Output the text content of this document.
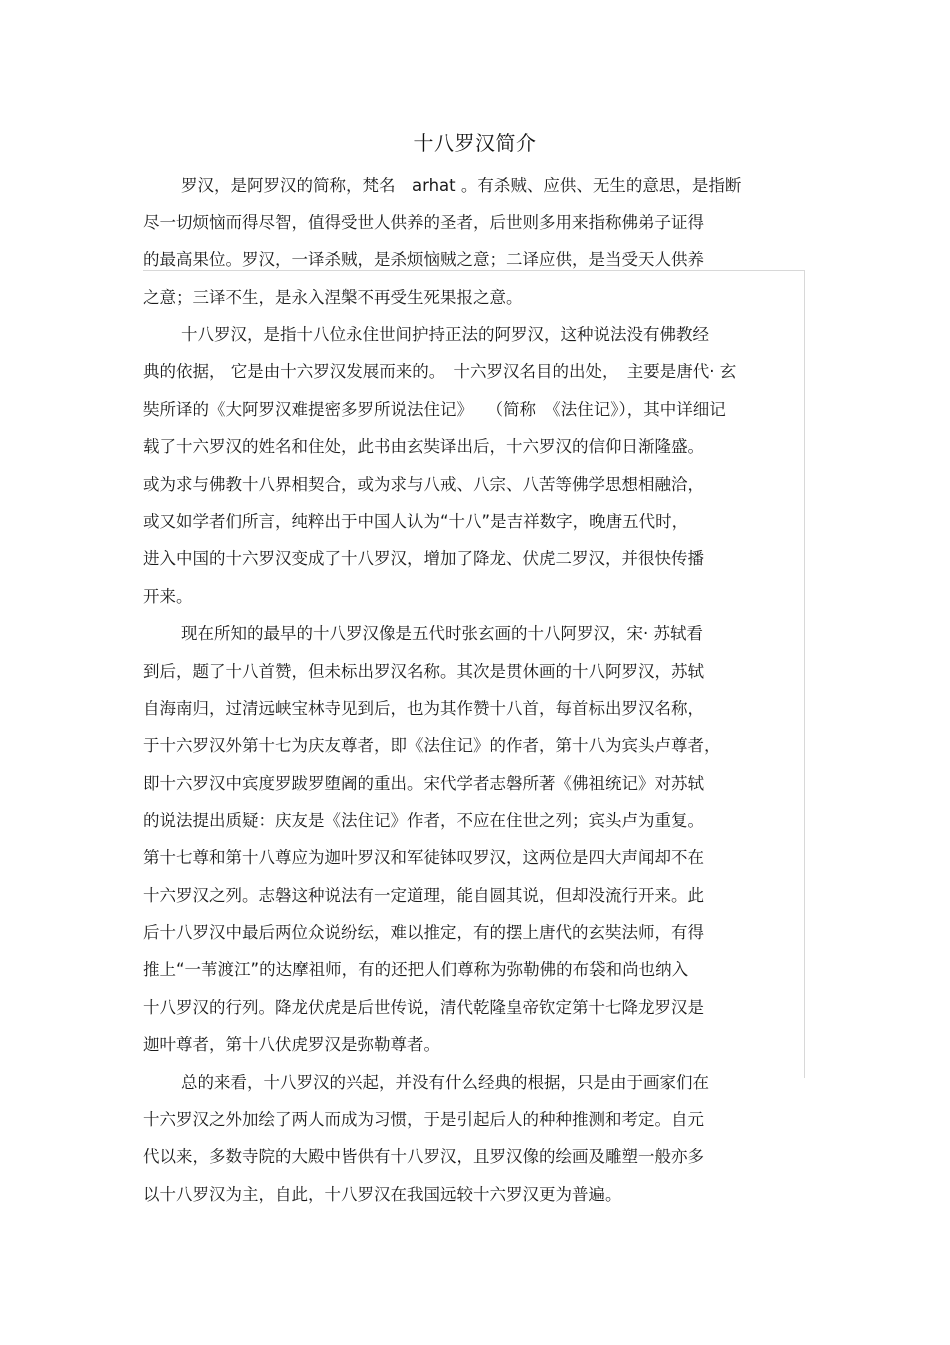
十八罗汉简介
罗汉，是阿罗汉的简称，梵名　arhat 。有杀贼、应供、无生的意思，是指断
尽一切烦恼而得尽智，值得受世人供养的圣者，后世则多用来指称佛弟子证得
的最高果位。罗汉，一译杀贼，是杀烦恼贼之意；二译应供，是当受天人供养
之意；三译不生，是永入涅槃不再受生死果报之意。
十八罗汉，是指十八位永住世间护持正法的阿罗汉，这种说法没有佛教经
典的依据， 它是由十六罗汉发展而来的。　十六罗汉名目的出处，　主要是唐代· 玄
奘所译的《大阿罗汉难提密多罗所说法住记》　 （简称　《法住记》），其中详细记
载了十六罗汉的姓名和住处，此书由玄奘译出后，十六罗汉的信仰日渐隆盛。
或为求与佛教十八界相契合，或为求与八戒、八宗、八苦等佛学思想相融洽，
或又如学者们所言，纯粹出于中国人认为“十八”是吉祥数字，晚唐五代时，
进入中国的十六罗汉变成了十八罗汉，增加了降龙、伏虎二罗汉，并很快传播
开来。
现在所知的最早的十八罗汉像是五代时张玄画的十八阿罗汉，宋· 苏轼看
到后，题了十八首赞，但未标出罗汉名称。其次是贯休画的十八阿罗汉，苏轼
自海南归，过清远峡宝林寺见到后，也为其作赞十八首，每首标出罗汉名称，
于十六罗汉外第十七为庆友尊者，即《法住记》的作者，第十八为宾头卢尊者，
即十六罗汉中宾度罗跋罗堕阇的重出。宋代学者志磐所著《佛祖统记》对苏轼
的说法提出质疑：庆友是《法住记》作者，不应在住世之列；宾头卢为重复。
第十七尊和第十八尊应为迦叶罗汉和军徒钵叹罗汉，这两位是四大声闻却不在
十六罗汉之列。志磐这种说法有一定道理，能自圆其说，但却没流行开来。此
后十八罗汉中最后两位众说纷纭，难以推定，有的摆上唐代的玄奘法师，有得
推上“一苇渡江”的达摩祖师，有的还把人们尊称为弥勒佛的布袋和尚也纳入
十八罗汉的行列。降龙伏虎是后世传说，清代乾隆皇帝钦定第十七降龙罗汉是
迦叶尊者，第十八伏虎罗汉是弥勒尊者。
总的来看，十八罗汉的兴起，并没有什么经典的根据，只是由于画家们在
十六罗汉之外加绘了两人而成为习惯，于是引起后人的种种推测和考定。自元
代以来，多数寺院的大殿中皆供有十八罗汉，且罗汉像的绘画及雕塑一般亦多
以十八罗汉为主，自此，十八罗汉在我国远较十六罗汉更为普遍。
